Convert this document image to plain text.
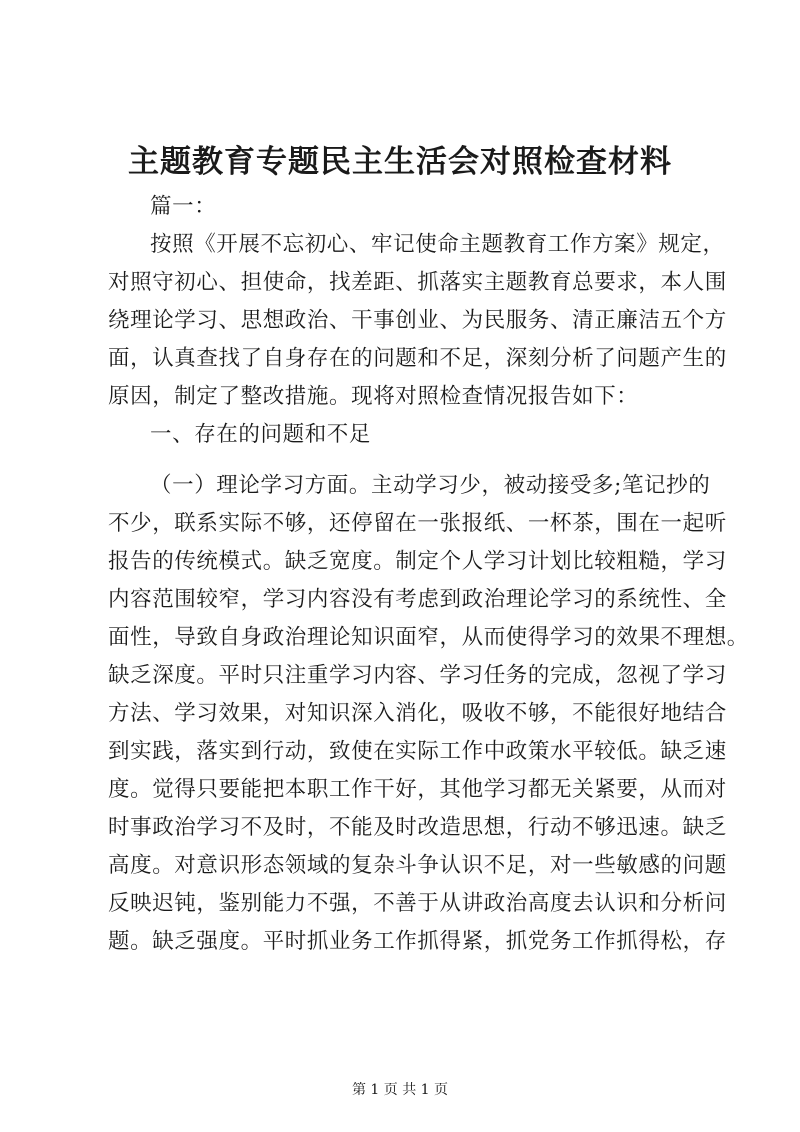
主题教育专题民主生活会对照检查材料
篇一：
按照《开展不忘初心、牢记使命主题教育工作方案》规定，
对照守初心、担使命，找差距、抓落实主题教育总要求，本人围
绕理论学习、思想政治、干事创业、为民服务、清正廉洁五个方
面，认真查找了自身存在的问题和不足，深刻分析了问题产生的
原因，制定了整改措施。现将对照检查情况报告如下：
一、存在的问题和不足
（一）理论学习方面。主动学习少，被动接受多;笔记抄的
不少，联系实际不够，还停留在一张报纸、一杯茶，围在一起听
报告的传统模式。缺乏宽度。制定个人学习计划比较粗糙，学习
内容范围较窄，学习内容没有考虑到政治理论学习的系统性、全
面性，导致自身政治理论知识面窄，从而使得学习的效果不理想。
缺乏深度。平时只注重学习内容、学习任务的完成，忽视了学习
方法、学习效果，对知识深入消化，吸收不够，不能很好地结合
到实践，落实到行动，致使在实际工作中政策水平较低。缺乏速
度。觉得只要能把本职工作干好，其他学习都无关紧要，从而对
时事政治学习不及时，不能及时改造思想，行动不够迅速。缺乏
高度。对意识形态领域的复杂斗争认识不足，对一些敏感的问题
反映迟钝，鉴别能力不强，不善于从讲政治高度去认识和分析问
题。缺乏强度。平时抓业务工作抓得紧，抓党务工作抓得松，存
第 1 页 共 1 页
